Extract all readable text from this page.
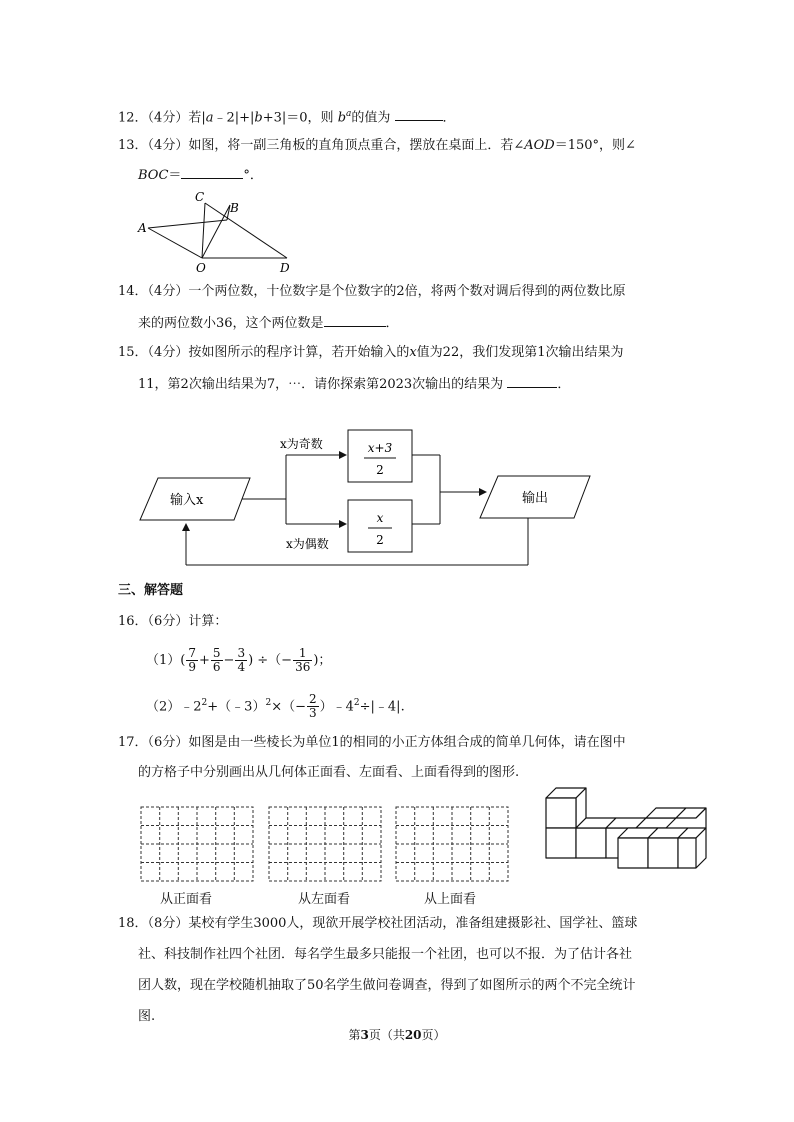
12．（4分）若|a﹣2|+|b+3|＝0，则 $b^a$的值为	．
13．（4分）如图，将一副三角板的直角顶点重合，摆放在桌面上．若∠AOD＝150°，则∠
BOC＝	°．
A
C
B
O	D
14．（4分）一个两位数，十位数字是个位数字的2倍，将两个数对调后得到的两位数比原
来的两位数小36，这个两位数是	．
15．（4分）按如图所示的程序计算，若开始输入的x值为22，我们发现第1次输出结果为
11，第2次输出结果为7，⋯．请你探索第2023次输出的结果为	．
输入x
x为奇数
x为偶数
x+3
2
x
2
输出
三、解答题
16．（6分）计算：
$(1)( \frac{7}{9} + \frac{5}{6} - \frac{3}{4}$ ) ÷（− $\frac{1}{36}$ )；
$(2)﹣2^2+(﹣3)^2\times(- \frac{2}{3}$ ）$﹣4^2\div|﹣4|$.
17．（6分）如图是由一些棱长为单位1的相同的小正方体组合成的简单几何体，请在图中
的方格子中分别画出从几何体正面看、左面看、上面看得到的图形.
从正面看	从左面看	从上面看
18．（8分）某校有学生3000人，现欲开展学校社团活动，准备组建摄影社、国学社、篮球
社、科技制作社四个社团．每名学生最多只能报一个社团，也可以不报．为了估计各社
团人数，现在学校随机抽取了50名学生做问卷调查，得到了如图所示的两个不完全统计
图.
第3页（共20页）
